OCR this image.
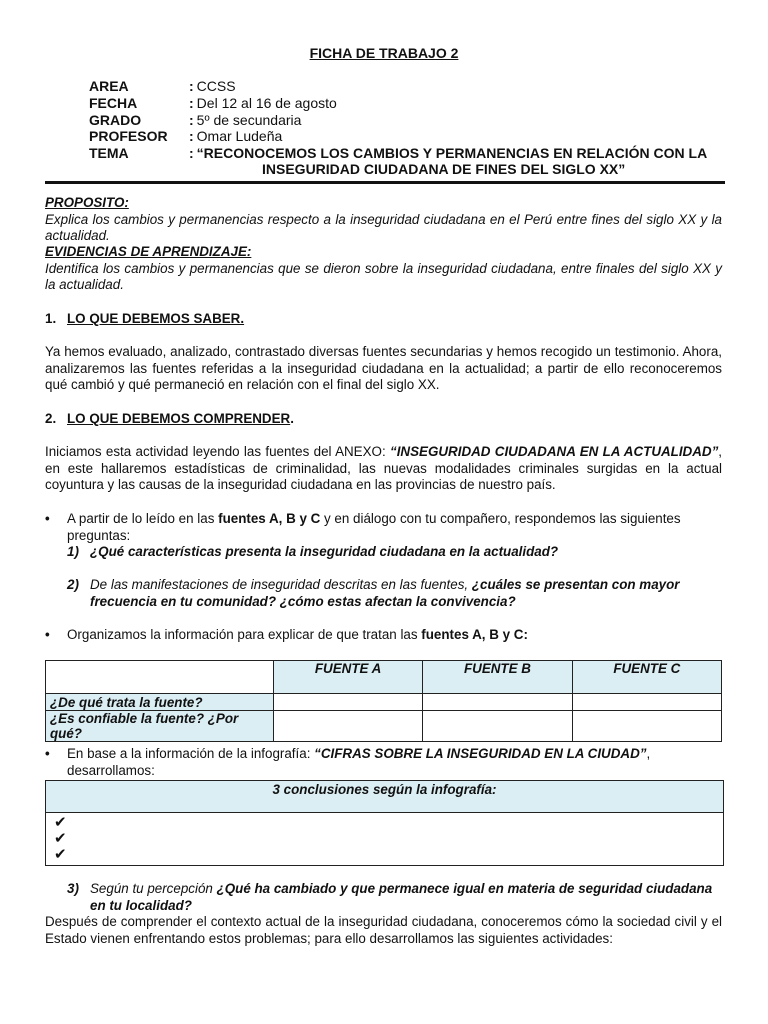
FICHA DE TRABAJO 2
AREA	: CCSS
FECHA	: Del 12 al 16 de agosto
GRADO	: 5º de secundaria
PROFESOR	: Omar Ludeña
TEMA	: “RECONOCEMOS LOS CAMBIOS Y PERMANENCIAS EN RELACIÓN CON LA
INSEGURIDAD CIUDADANA DE FINES DEL SIGLO XX”
PROPOSITO:
Explica los cambios y permanencias respecto a la inseguridad ciudadana en el Perú entre fines del siglo XX y la actualidad.
EVIDENCIAS DE APRENDIZAJE:
Identifica los cambios y permanencias que se dieron sobre la inseguridad ciudadana, entre finales del siglo XX y la actualidad.
1. LO QUE DEBEMOS SABER.
Ya hemos evaluado, analizado, contrastado diversas fuentes secundarias y hemos recogido un testimonio. Ahora, analizaremos las fuentes referidas a la inseguridad ciudadana en la actualidad; a partir de ello reconoceremos qué cambió y qué permaneció en relación con el final del siglo XX.
2. LO QUE DEBEMOS COMPRENDER.
Iniciamos esta actividad leyendo las fuentes del ANEXO: “INSEGURIDAD CIUDADANA EN LA ACTUALIDAD”, en este hallaremos estadísticas de criminalidad, las nuevas modalidades criminales surgidas en la actual coyuntura y las causas de la inseguridad ciudadana en las provincias de nuestro país.
• A partir de lo leído en las fuentes A, B y C y en diálogo con tu compañero, respondemos las siguientes preguntas:
1) ¿Qué características presenta la inseguridad ciudadana en la actualidad?
2) De las manifestaciones de inseguridad descritas en las fuentes, ¿cuáles se presentan con mayor frecuencia en tu comunidad? ¿cómo estas afectan la convivencia?
• Organizamos la información para explicar de que tratan las fuentes A, B y C:
	FUENTE A	FUENTE B	FUENTE C
¿De qué trata la fuente?			
¿Es confiable la fuente? ¿Por qué?			
• En base a la información de la infografía: “CIFRAS SOBRE LA INSEGURIDAD EN LA CIUDAD”, desarrollamos:
3 conclusiones según la infografía:
✔
✔
✔
3) Según tu percepción ¿Qué ha cambiado y que permanece igual en materia de seguridad ciudadana en tu localidad?
Después de comprender el contexto actual de la inseguridad ciudadana, conoceremos cómo la sociedad civil y el Estado vienen enfrentando estos problemas; para ello desarrollamos las siguientes actividades:
